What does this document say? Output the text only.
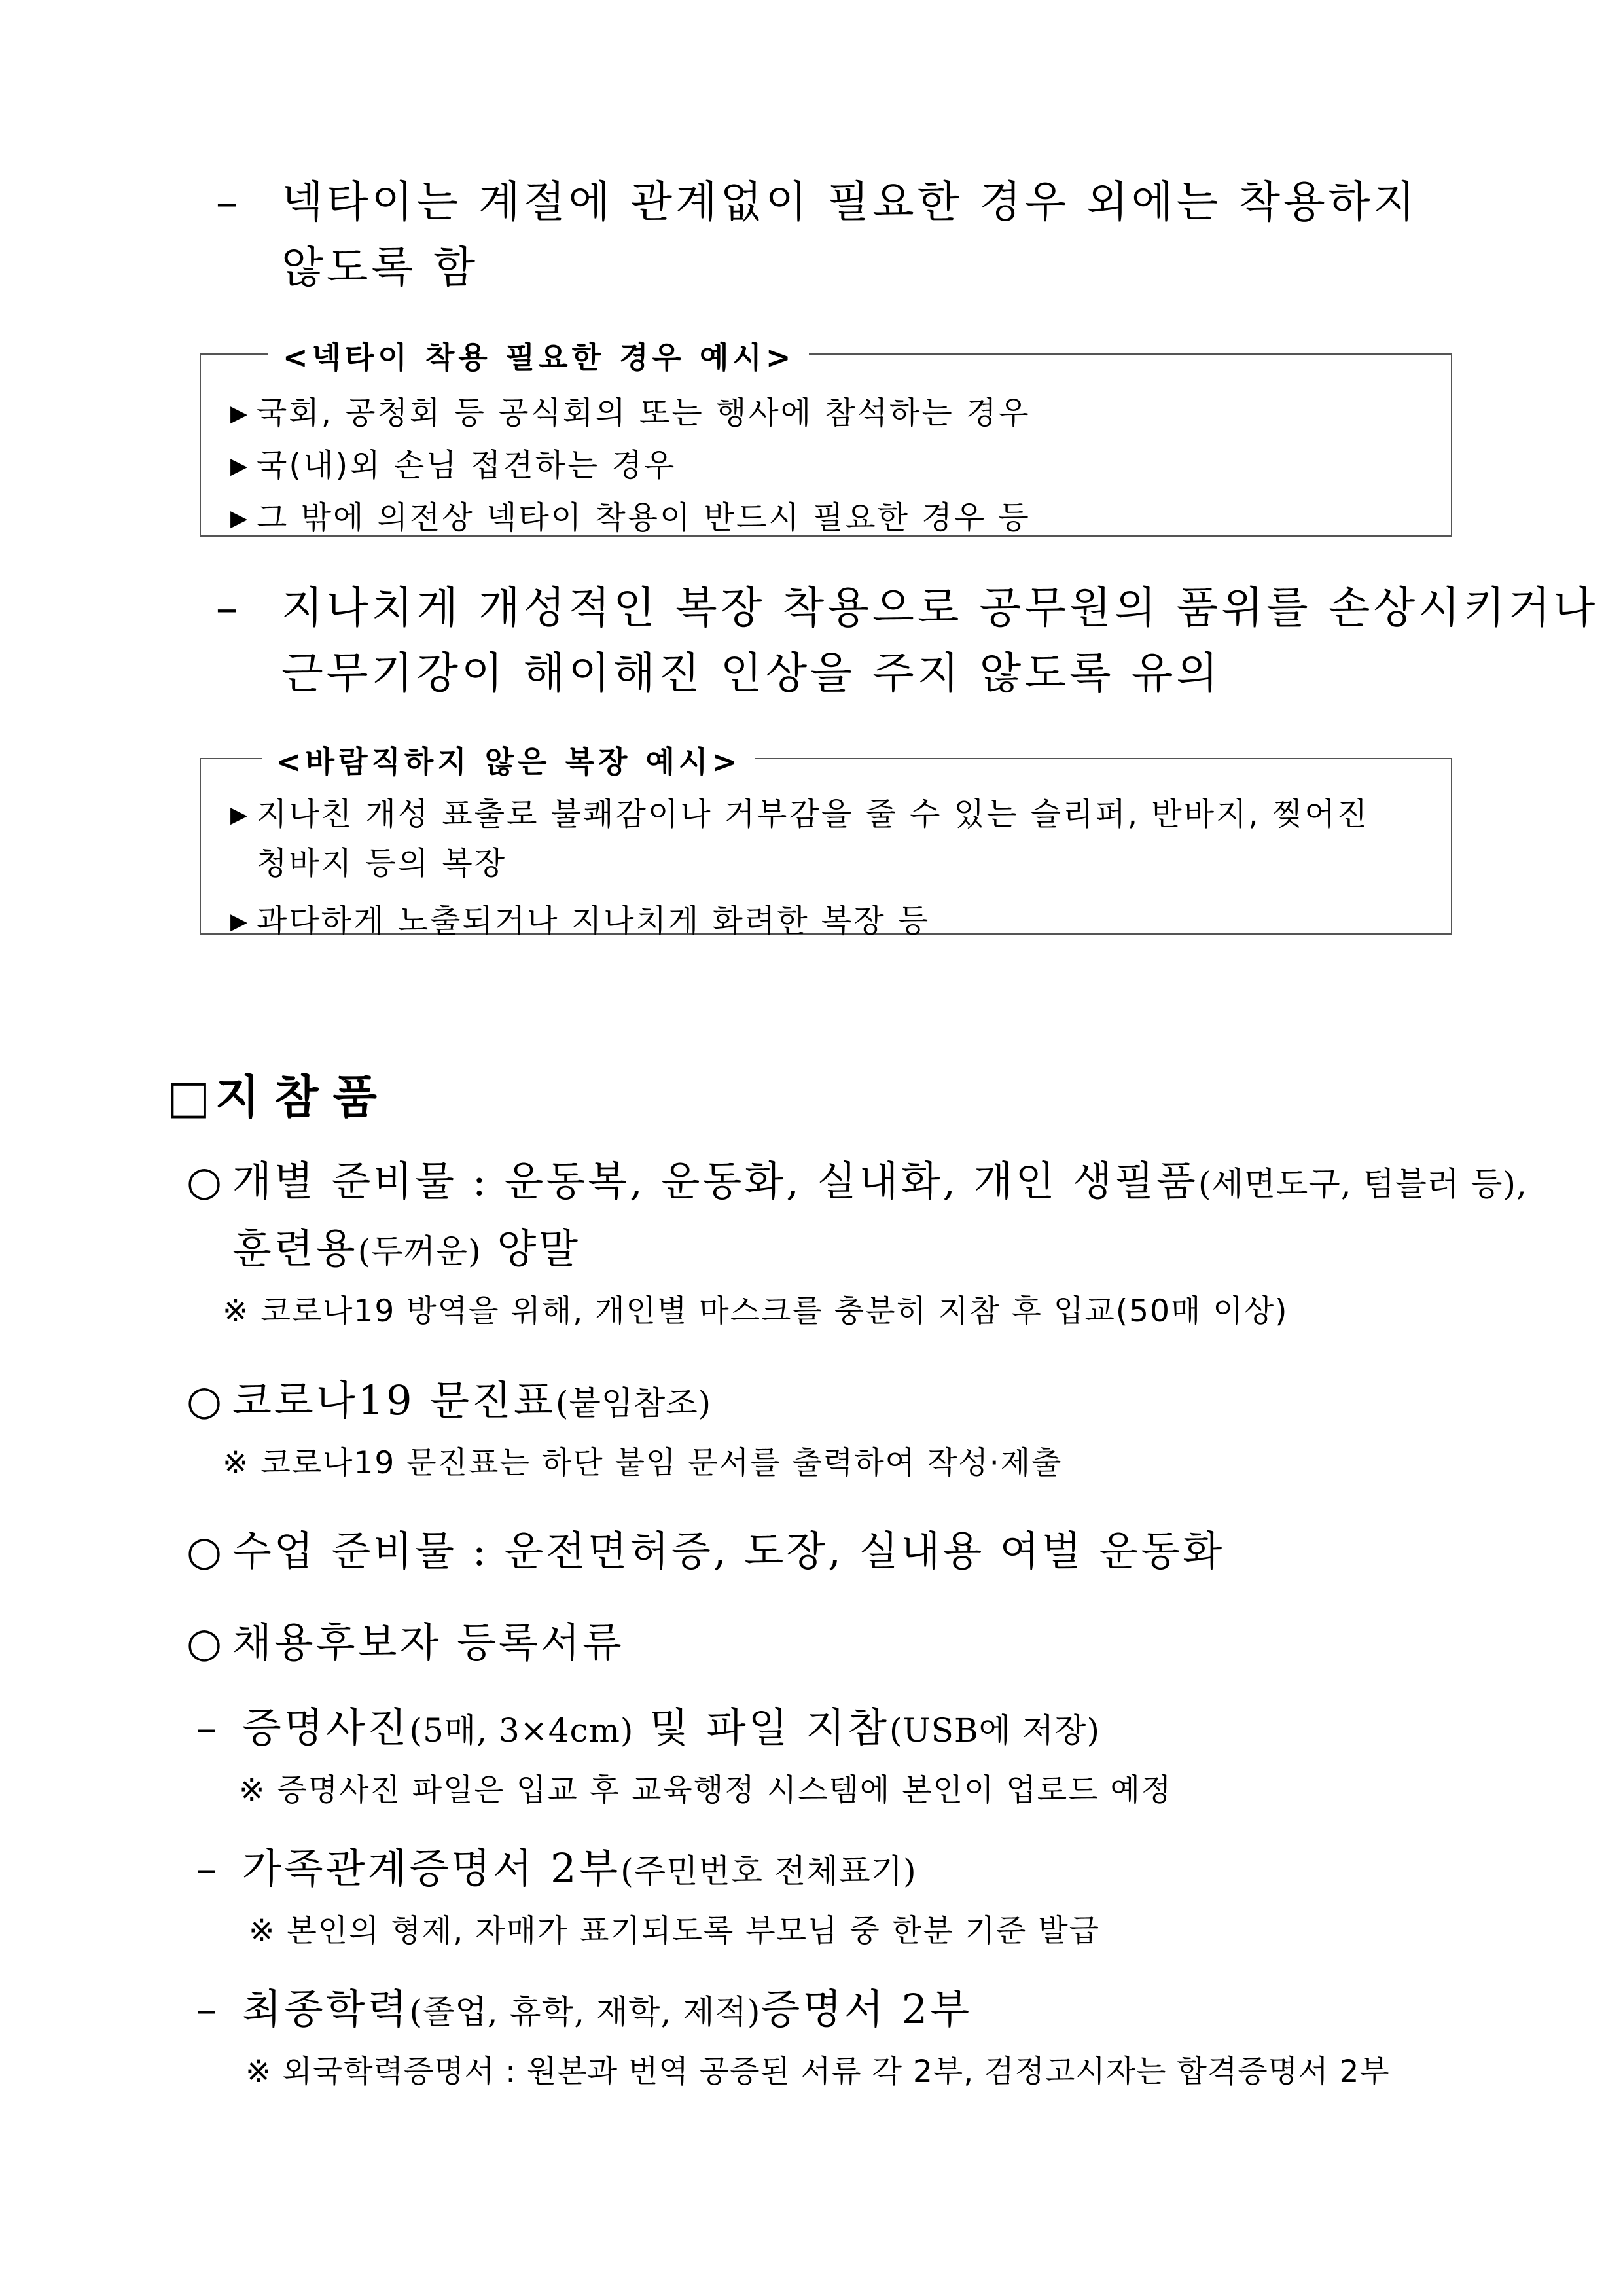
– 넥타이는 계절에 관계없이 필요한 경우 외에는 착용하지
않도록 함
<넥타이 착용 필요한 경우 예시>
▶ 국회, 공청회 등 공식회의 또는 행사에 참석하는 경우
▶ 국(내)외 손님 접견하는 경우
▶ 그 밖에 의전상 넥타이 착용이 반드시 필요한 경우 등
– 지나치게 개성적인 복장 착용으로 공무원의 품위를 손상시키거나
근무기강이 해이해진 인상을 주지 않도록 유의
<바람직하지 않은 복장 예시>
▶ 지나친 개성 표출로 불쾌감이나 거부감을 줄 수 있는 슬리퍼, 반바지, 찢어진
청바지 등의 복장
▶ 과다하게 노출되거나 지나치게 화려한 복장 등
□ 지참품
○ 개별 준비물 : 운동복, 운동화, 실내화, 개인 생필품(세면도구, 텀블러 등),
훈련용(두꺼운) 양말
※ 코로나19 방역을 위해, 개인별 마스크를 충분히 지참 후 입교(50매 이상)
○ 코로나19 문진표(붙임참조)
※ 코로나19 문진표는 하단 붙임 문서를 출력하여 작성·제출
○ 수업 준비물 : 운전면허증, 도장, 실내용 여벌 운동화
○ 채용후보자 등록서류
– 증명사진(5매, 3×4cm) 및 파일 지참(USB에 저장)
※ 증명사진 파일은 입교 후 교육행정 시스템에 본인이 업로드 예정
– 가족관계증명서 2부(주민번호 전체표기)
※ 본인의 형제, 자매가 표기되도록 부모님 중 한분 기준 발급
– 최종학력(졸업, 휴학, 재학, 제적)증명서 2부
※ 외국학력증명서 : 원본과 번역 공증된 서류 각 2부, 검정고시자는 합격증명서 2부
